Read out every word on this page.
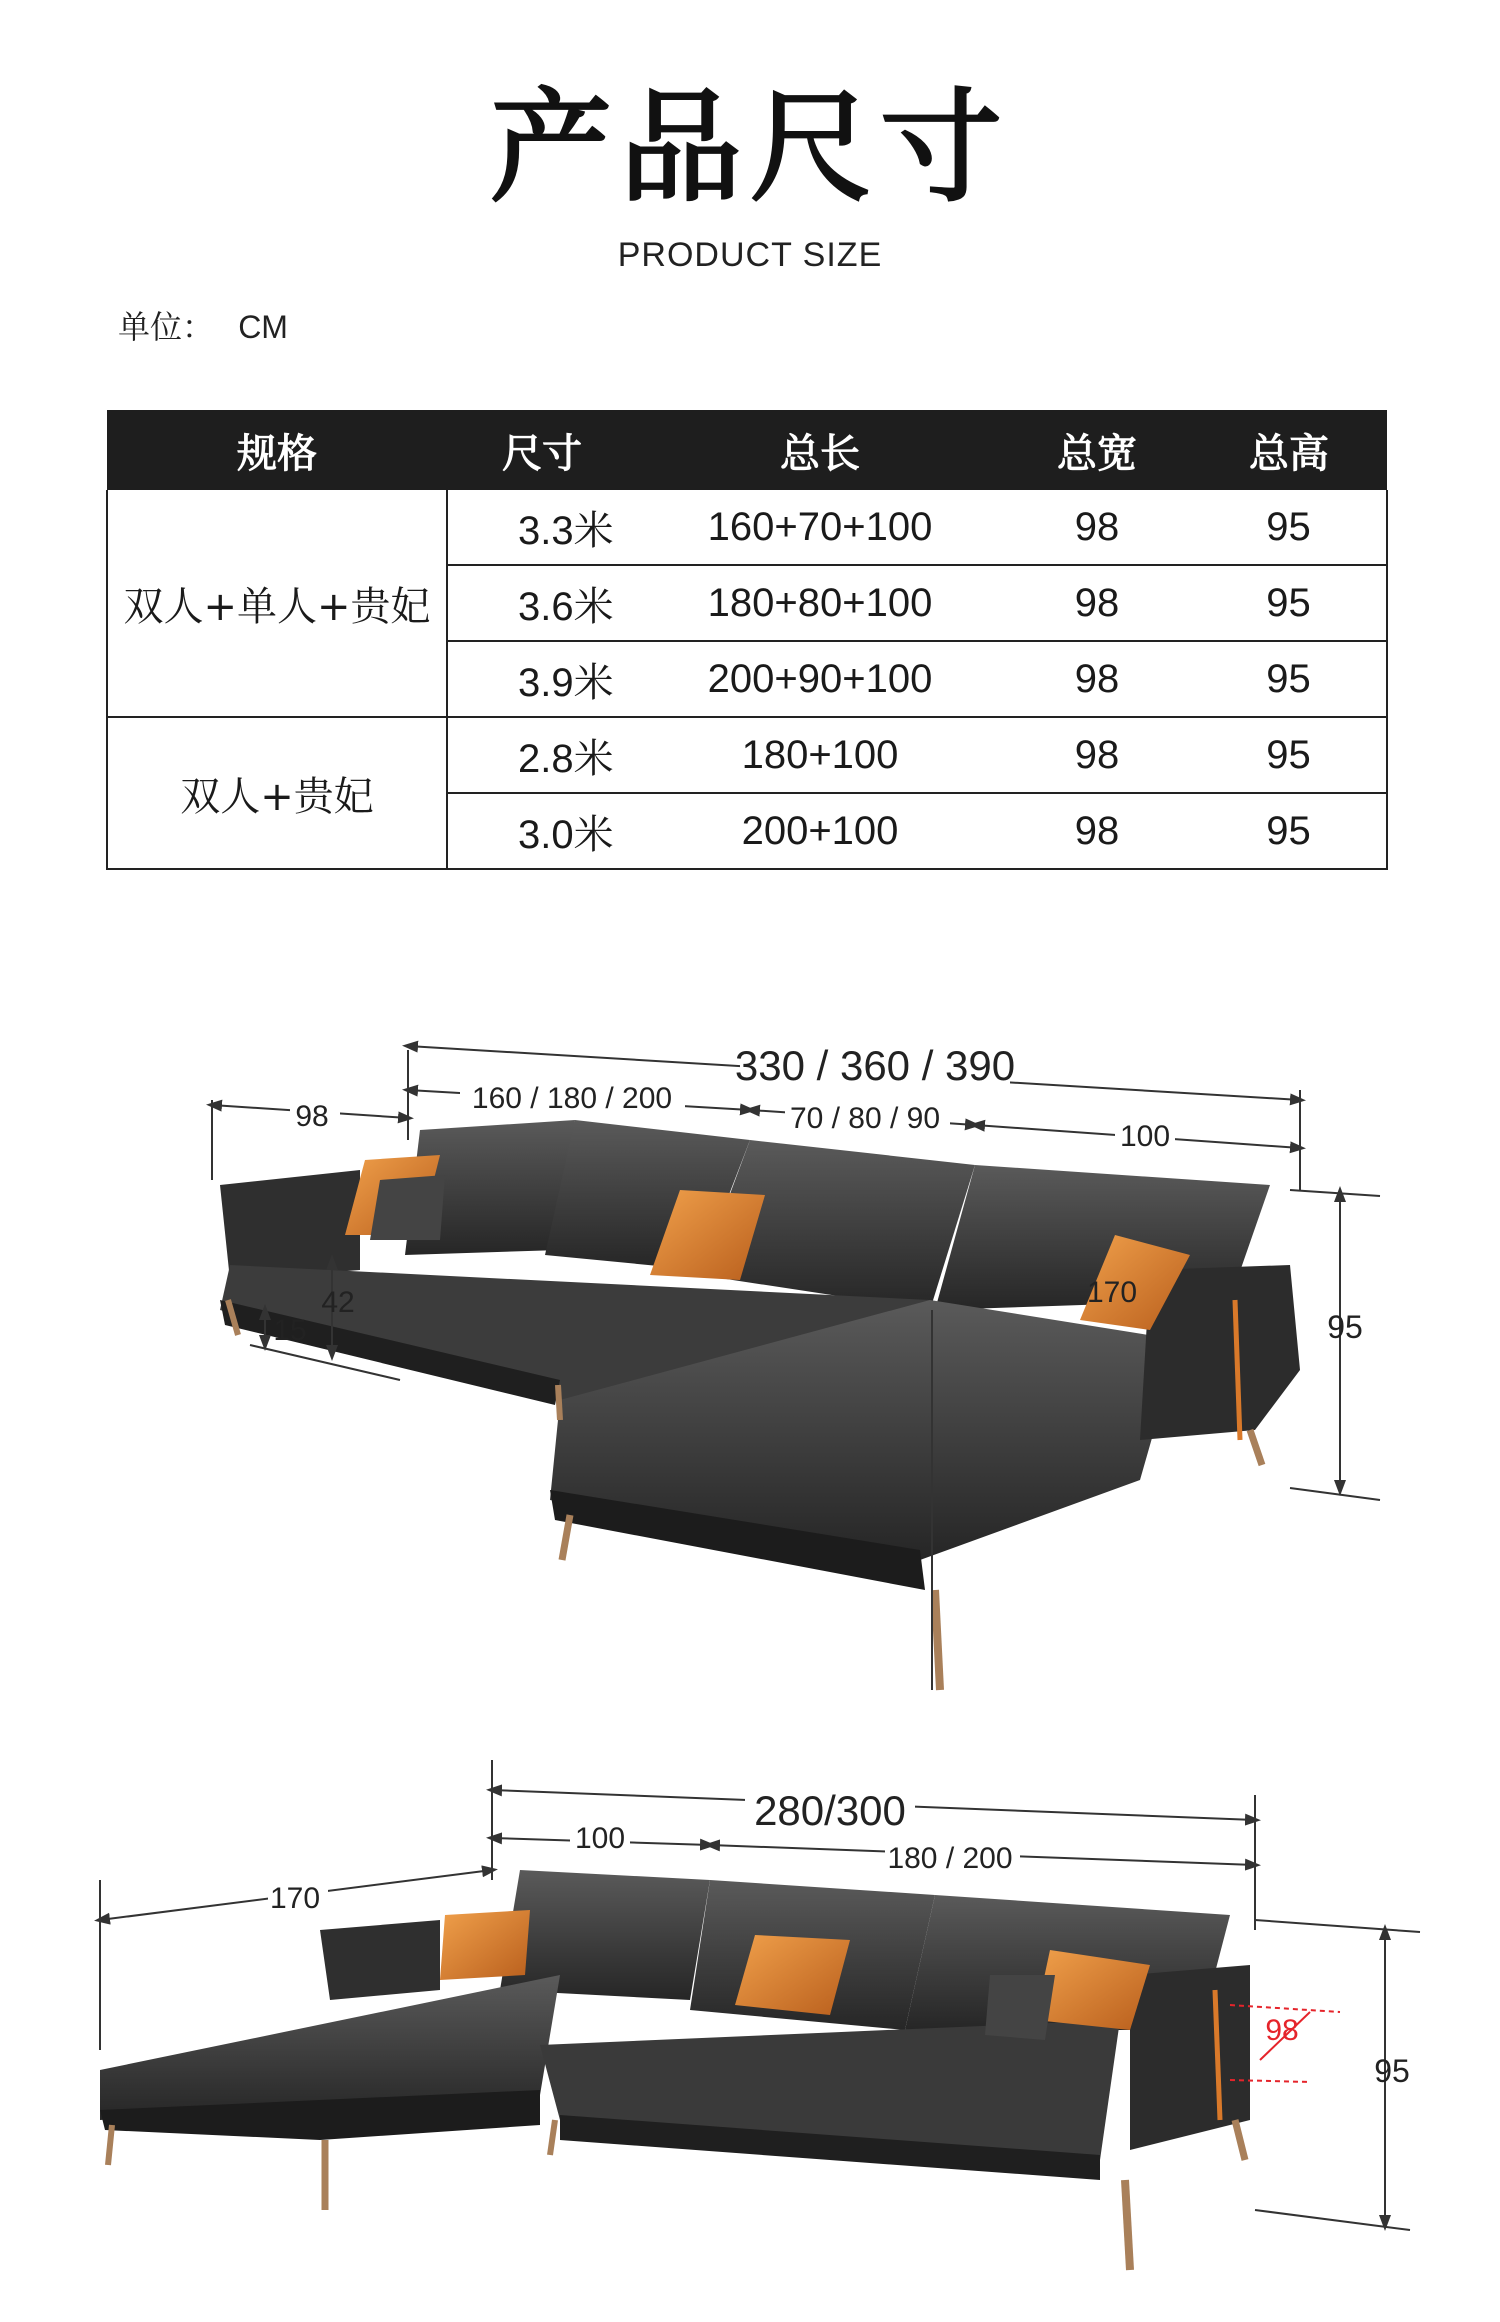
产品尺寸
PRODUCT SIZE
单位： CM
规格	尺寸	总长	总宽	总高
双人+单人+贵妃	3.3米	160+70+100	98	95
	3.6米	180+80+100	98	95
	3.9米	200+90+100	98	95
双人+贵妃	2.8米	180+100	98	95
	3.0米	200+100	98	95
330 / 360 / 390
160 / 180 / 200
70 / 80 / 90
100
98
95
42
15
170
280/300
100
180 / 200
170
98
95
